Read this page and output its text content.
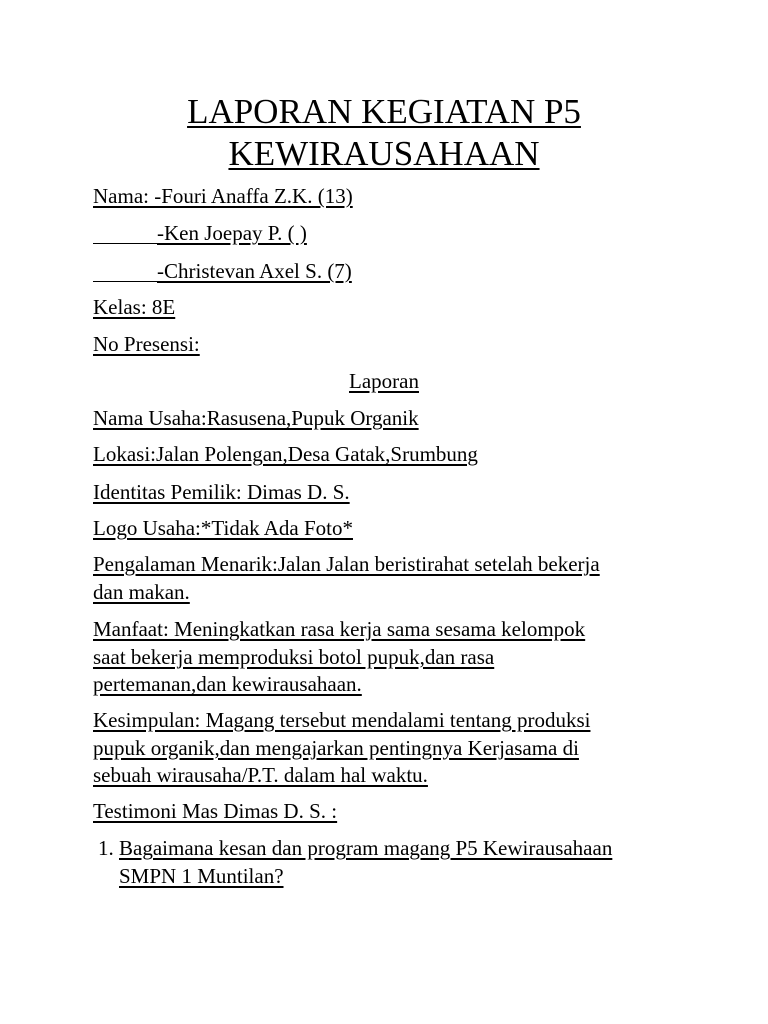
LAPORAN KEGIATAN P5
KEWIRAUSAHAAN
Nama: -Fouri Anaffa Z.K. (13)
-Ken Joepay P. ( )
-Christevan Axel S. (7)
Kelas: 8E
No Presensi:
Laporan
Nama Usaha:Rasusena,Pupuk Organik
Lokasi:Jalan Polengan,Desa Gatak,Srumbung
Identitas Pemilik: Dimas D. S.
Logo Usaha:*Tidak Ada Foto*
Pengalaman Menarik:Jalan Jalan beristirahat setelah bekerja
dan makan.
Manfaat: Meningkatkan rasa kerja sama sesama kelompok
saat bekerja memproduksi botol pupuk,dan rasa
pertemanan,dan kewirausahaan.
Kesimpulan: Magang tersebut mendalami tentang produksi
pupuk organik,dan mengajarkan pentingnya Kerjasama di
sebuah wirausaha/P.T. dalam hal waktu.
Testimoni Mas Dimas D. S. :
1. Bagaimana kesan dan program magang P5 Kewirausahaan
SMPN 1 Muntilan?
